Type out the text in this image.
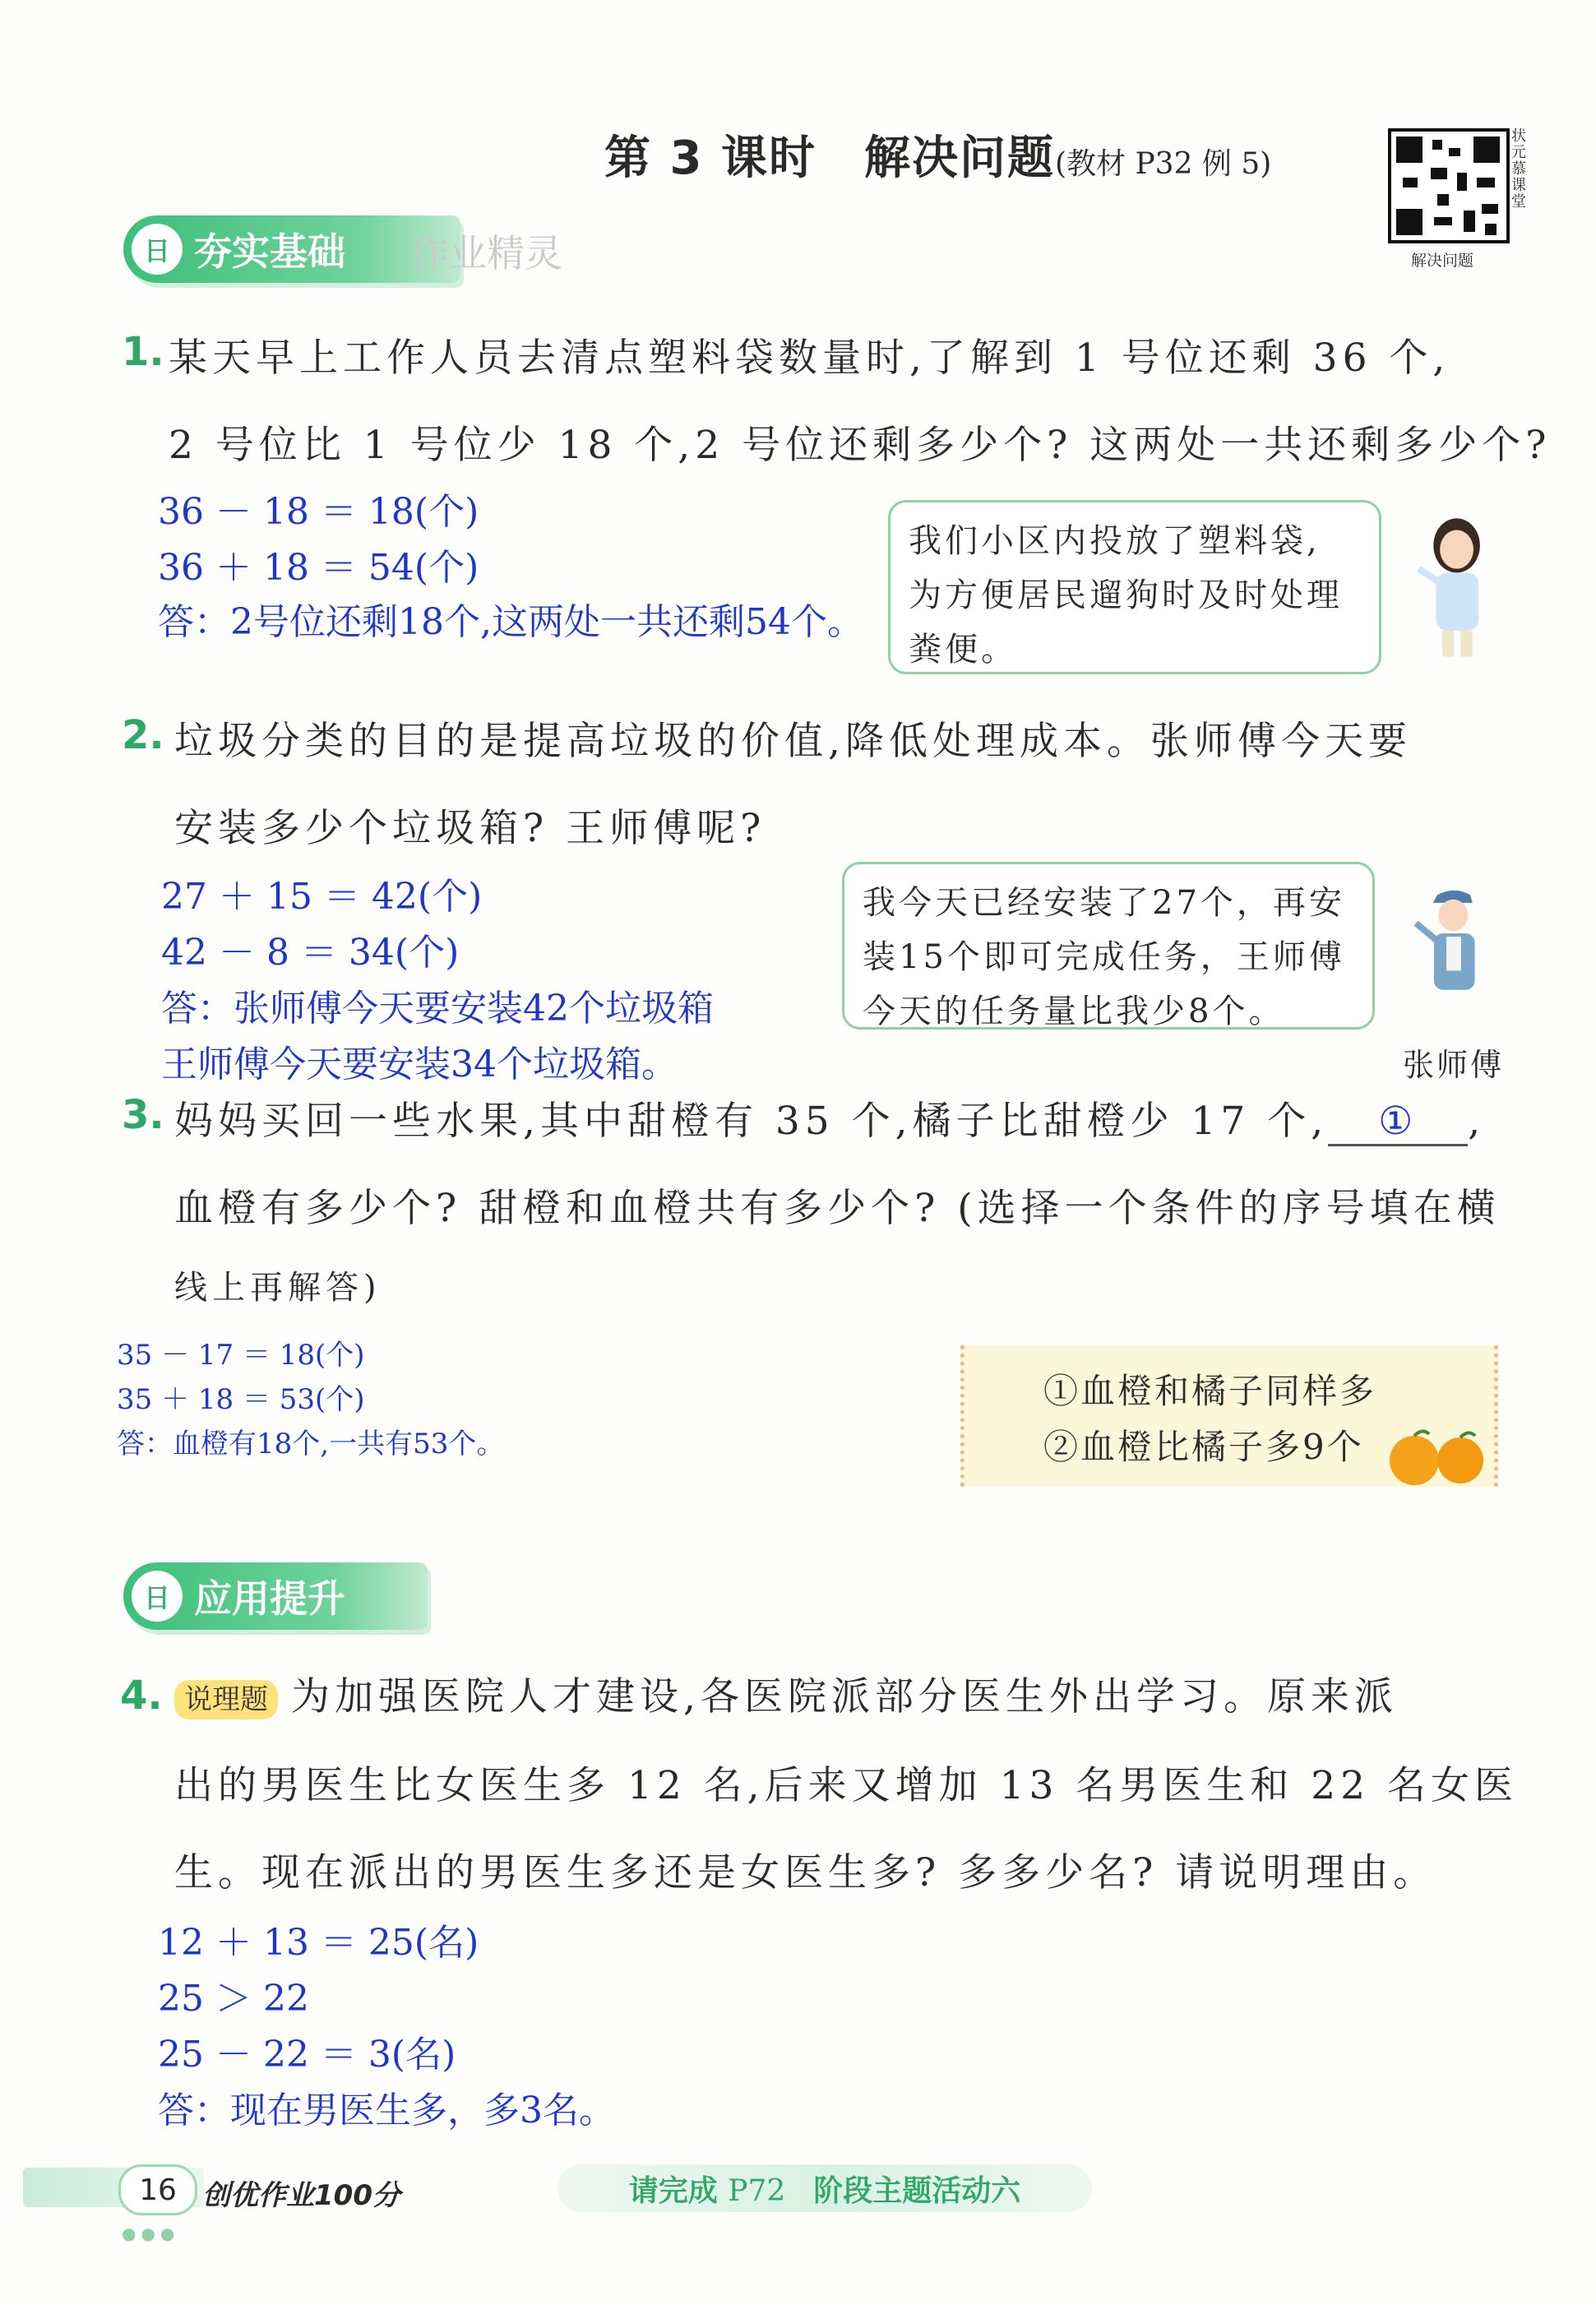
第 3 课时　解决问题(教材 P32 例 5)
状元慕课堂
解决问题
日 夯实基础 作业精灵
1. 某天早上工作人员去清点塑料袋数量时,了解到 1 号位还剩 36 个,
2 号位比 1 号位少 18 个,2 号位还剩多少个? 这两处一共还剩多少个?
36 － 18 ＝ 18(个)
36 ＋ 18 ＝ 54(个)
答：2号位还剩18个,这两处一共还剩54个。
我们小区内投放了塑料袋,
为方便居民遛狗时及时处理
粪便。
2. 垃圾分类的目的是提高垃圾的价值,降低处理成本。张师傅今天要
安装多少个垃圾箱? 王师傅呢?
27 ＋ 15 ＝ 42(个)
42 － 8 ＝ 34(个)
答：张师傅今天要安装42个垃圾箱
王师傅今天要安装34个垃圾箱。
我今天已经安装了27个，再安
装15个即可完成任务，王师傅
今天的任务量比我少8个。
张师傅
3. 妈妈买回一些水果,其中甜橙有 35 个,橘子比甜橙少 17 个, ① ,
血橙有多少个? 甜橙和血橙共有多少个? (选择一个条件的序号填在横
线上再解答)
35 － 17 ＝ 18(个)
35 ＋ 18 ＝ 53(个)
答：血橙有18个,一共有53个。
①血橙和橘子同样多
②血橙比橘子多9个
日 应用提升
4. 说理题 为加强医院人才建设,各医院派部分医生外出学习。原来派
出的男医生比女医生多 12 名,后来又增加 13 名男医生和 22 名女医
生。现在派出的男医生多还是女医生多? 多多少名? 请说明理由。
12 ＋ 13 ＝ 25(名)
25 ＞ 22
25 － 22 ＝ 3(名)
答：现在男医生多，多3名。
16 创优作业100分
●●●
请完成 P72 阶段主题活动六
